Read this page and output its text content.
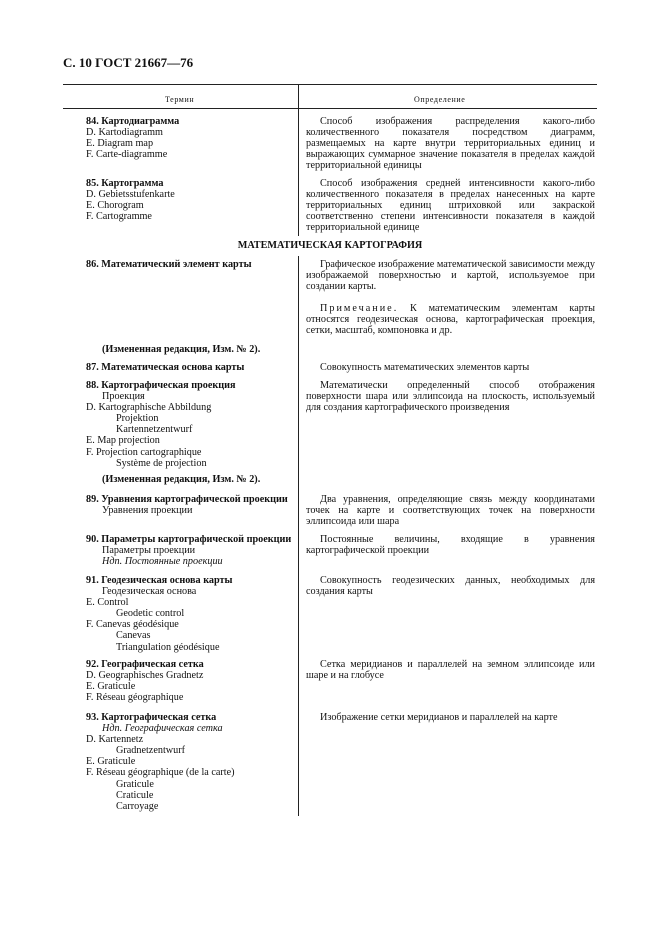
С. 10 ГОСТ 21667—76
Термин	Определение
84. Картодиаграмма
D. Kartodiagramm
E. Diagram map
F. Carte-diagramme

Способ изображения распределения какого-либо количественного показателя посредством диаграмм, размещаемых на карте внутри территориальных единиц и выражающих суммарное значение показателя в пределах каждой территориальной единицы

85. Картограмма
D. Gebietsstufenkarte
E. Chorogram
F. Cartogramme

Способ изображения средней интенсивности какого-либо количественного показателя в пределах нанесенных на карте территориальных единиц штриховкой или закраской соответственно степени интенсивности показателя в каждой территориальной единице

МАТЕМАТИЧЕСКАЯ КАРТОГРАФИЯ
86. Математический элемент карты	Графическое изображение математической зависимости между изображаемой поверхностью и картой, используемое при создании карты.

Примечание. К математическим элементам карты относятся геодезическая основа, картографическая проекция, сетки, масштаб, компоновка и др.

(Измененная редакция, Изм. № 2).
87. Математическая основа карты	Совокупность математических элементов карты

88. Картографическая проекция
Проекция
D. Kartographische Abbildung
Projektion
Kartennetzentwurf
E. Map projection
F. Projection cartographique
Système de projection

Математически определенный способ отображения поверхности шара или эллипсоида на плоскость, используемый для создания картографического произведения

(Измененная редакция, Изм. № 2).
89. Уравнения картографической проекции
Уравнения проекции

Два уравнения, определяющие связь между координатами точек на карте и соответствующих точек на поверхности эллипсоида или шара

90. Параметры картографической проекции
Параметры проекции
Ндп. Постоянные проекции

Постоянные величины, входящие в уравнения картографической проекции

91. Геодезическая основа карты
Геодезическая основа
E. Control
Geodetic control
F. Canevas géodésique
Canevas
Triangulation géodésique

Совокупность геодезических данных, необходимых для создания карты

92. Географическая сетка
D. Geographisches Gradnetz
E. Graticule
F. Réseau géographique

Сетка меридианов и параллелей на земном эллипсоиде или шаре и на глобусе

93. Картографическая сетка
Ндп. Географическая сетка
D. Kartennetz
Gradnetzentwurf
E. Graticule
F. Réseau géographique (de la carte)
Graticule
Craticule
Carroyage

Изображение сетки меридианов и параллелей на карте
